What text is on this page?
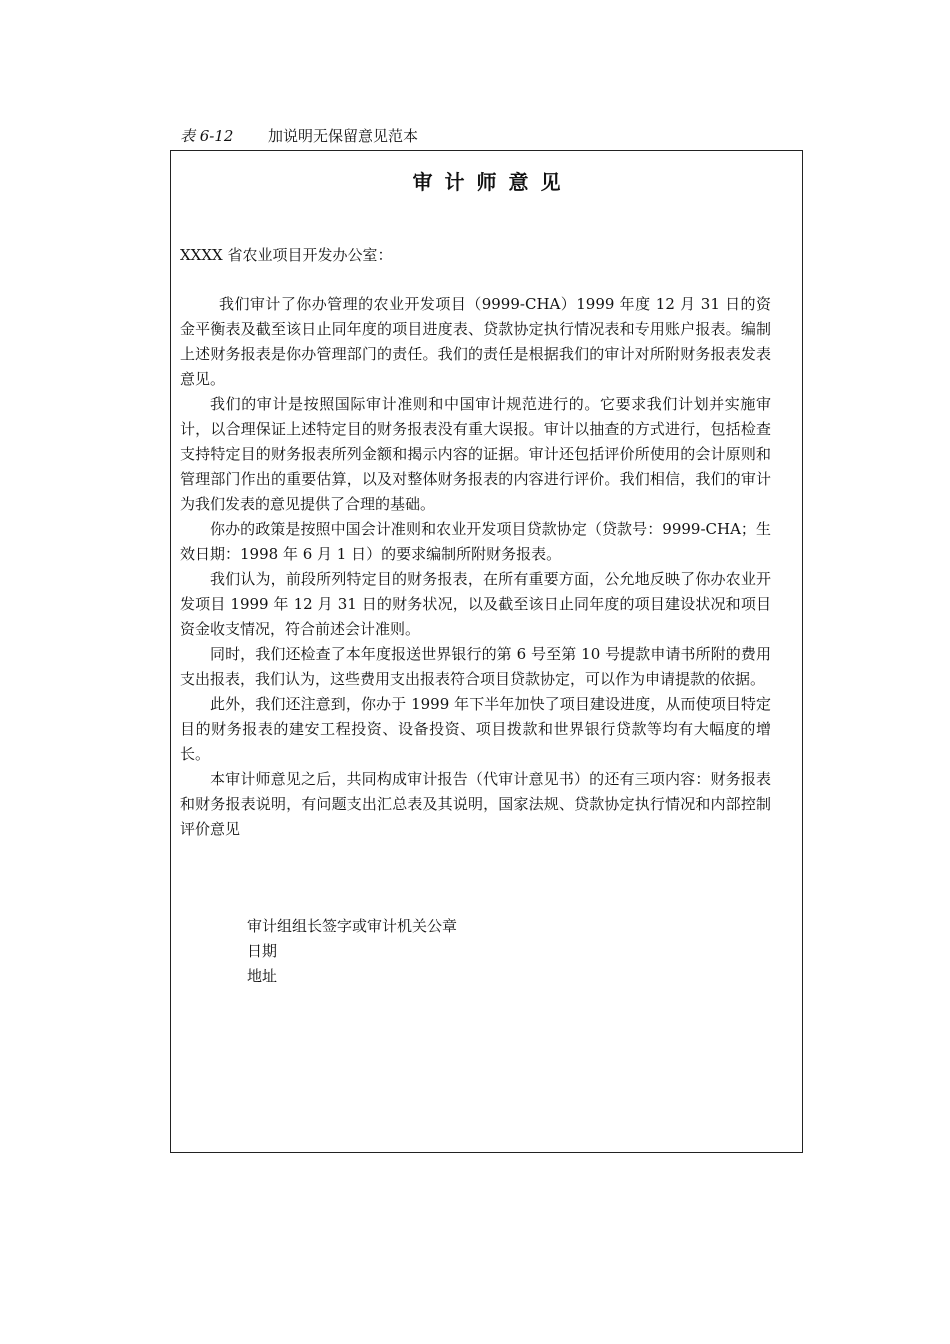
表 6-12 加说明无保留意见范本
审计师意见
XXXX 省农业项目开发办公室：

我们审计了你办管理的农业开发项目（9999-CHA）1999 年度 12 月 31 日的资金平衡表及截至该日止同年度的项目进度表、贷款协定执行情况表和专用账户报表。编制上述财务报表是你办管理部门的责任。我们的责任是根据我们的审计对所附财务报表发表意见。

我们的审计是按照国际审计准则和中国审计规范进行的。它要求我们计划并实施审计，以合理保证上述特定目的财务报表没有重大误报。审计以抽查的方式进行，包括检查支持特定目的财务报表所列金额和揭示内容的证据。审计还包括评价所使用的会计原则和管理部门作出的重要估算，以及对整体财务报表的内容进行评价。我们相信，我们的审计为我们发表的意见提供了合理的基础。

你办的政策是按照中国会计准则和农业开发项目贷款协定（贷款号：9999-CHA；生效日期：1998 年 6 月 1 日）的要求编制所附财务报表。

我们认为，前段所列特定目的财务报表，在所有重要方面，公允地反映了你办农业开发项目 1999 年 12 月 31 日的财务状况，以及截至该日止同年度的项目建设状况和项目资金收支情况，符合前述会计准则。

同时，我们还检查了本年度报送世界银行的第 6 号至第 10 号提款申请书所附的费用支出报表，我们认为，这些费用支出报表符合项目贷款协定，可以作为申请提款的依据。

此外，我们还注意到，你办于 1999 年下半年加快了项目建设进度，从而使项目特定目的财务报表的建安工程投资、设备投资、项目拨款和世界银行贷款等均有大幅度的增长。

本审计师意见之后，共同构成审计报告（代审计意见书）的还有三项内容：财务报表和财务报表说明，有问题支出汇总表及其说明，国家法规、贷款协定执行情况和内部控制评价意见

审计组组长签字或审计机关公章
日期
地址
